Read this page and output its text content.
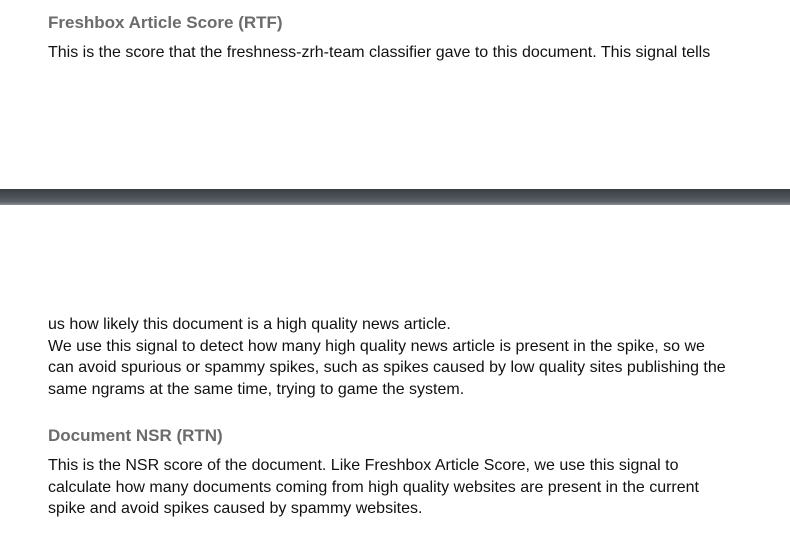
Freshbox Article Score (RTF)
This is the score that the freshness-zrh-team classifier gave to this document. This signal tells
us how likely this document is a high quality news article.
We use this signal to detect how many high quality news article is present in the spike, so we
can avoid spurious or spammy spikes, such as spikes caused by low quality sites publishing the
same ngrams at the same time, trying to game the system.
Document NSR (RTN)
This is the NSR score of the document. Like Freshbox Article Score, we use this signal to
calculate how many documents coming from high quality websites are present in the current
spike and avoid spikes caused by spammy websites.
